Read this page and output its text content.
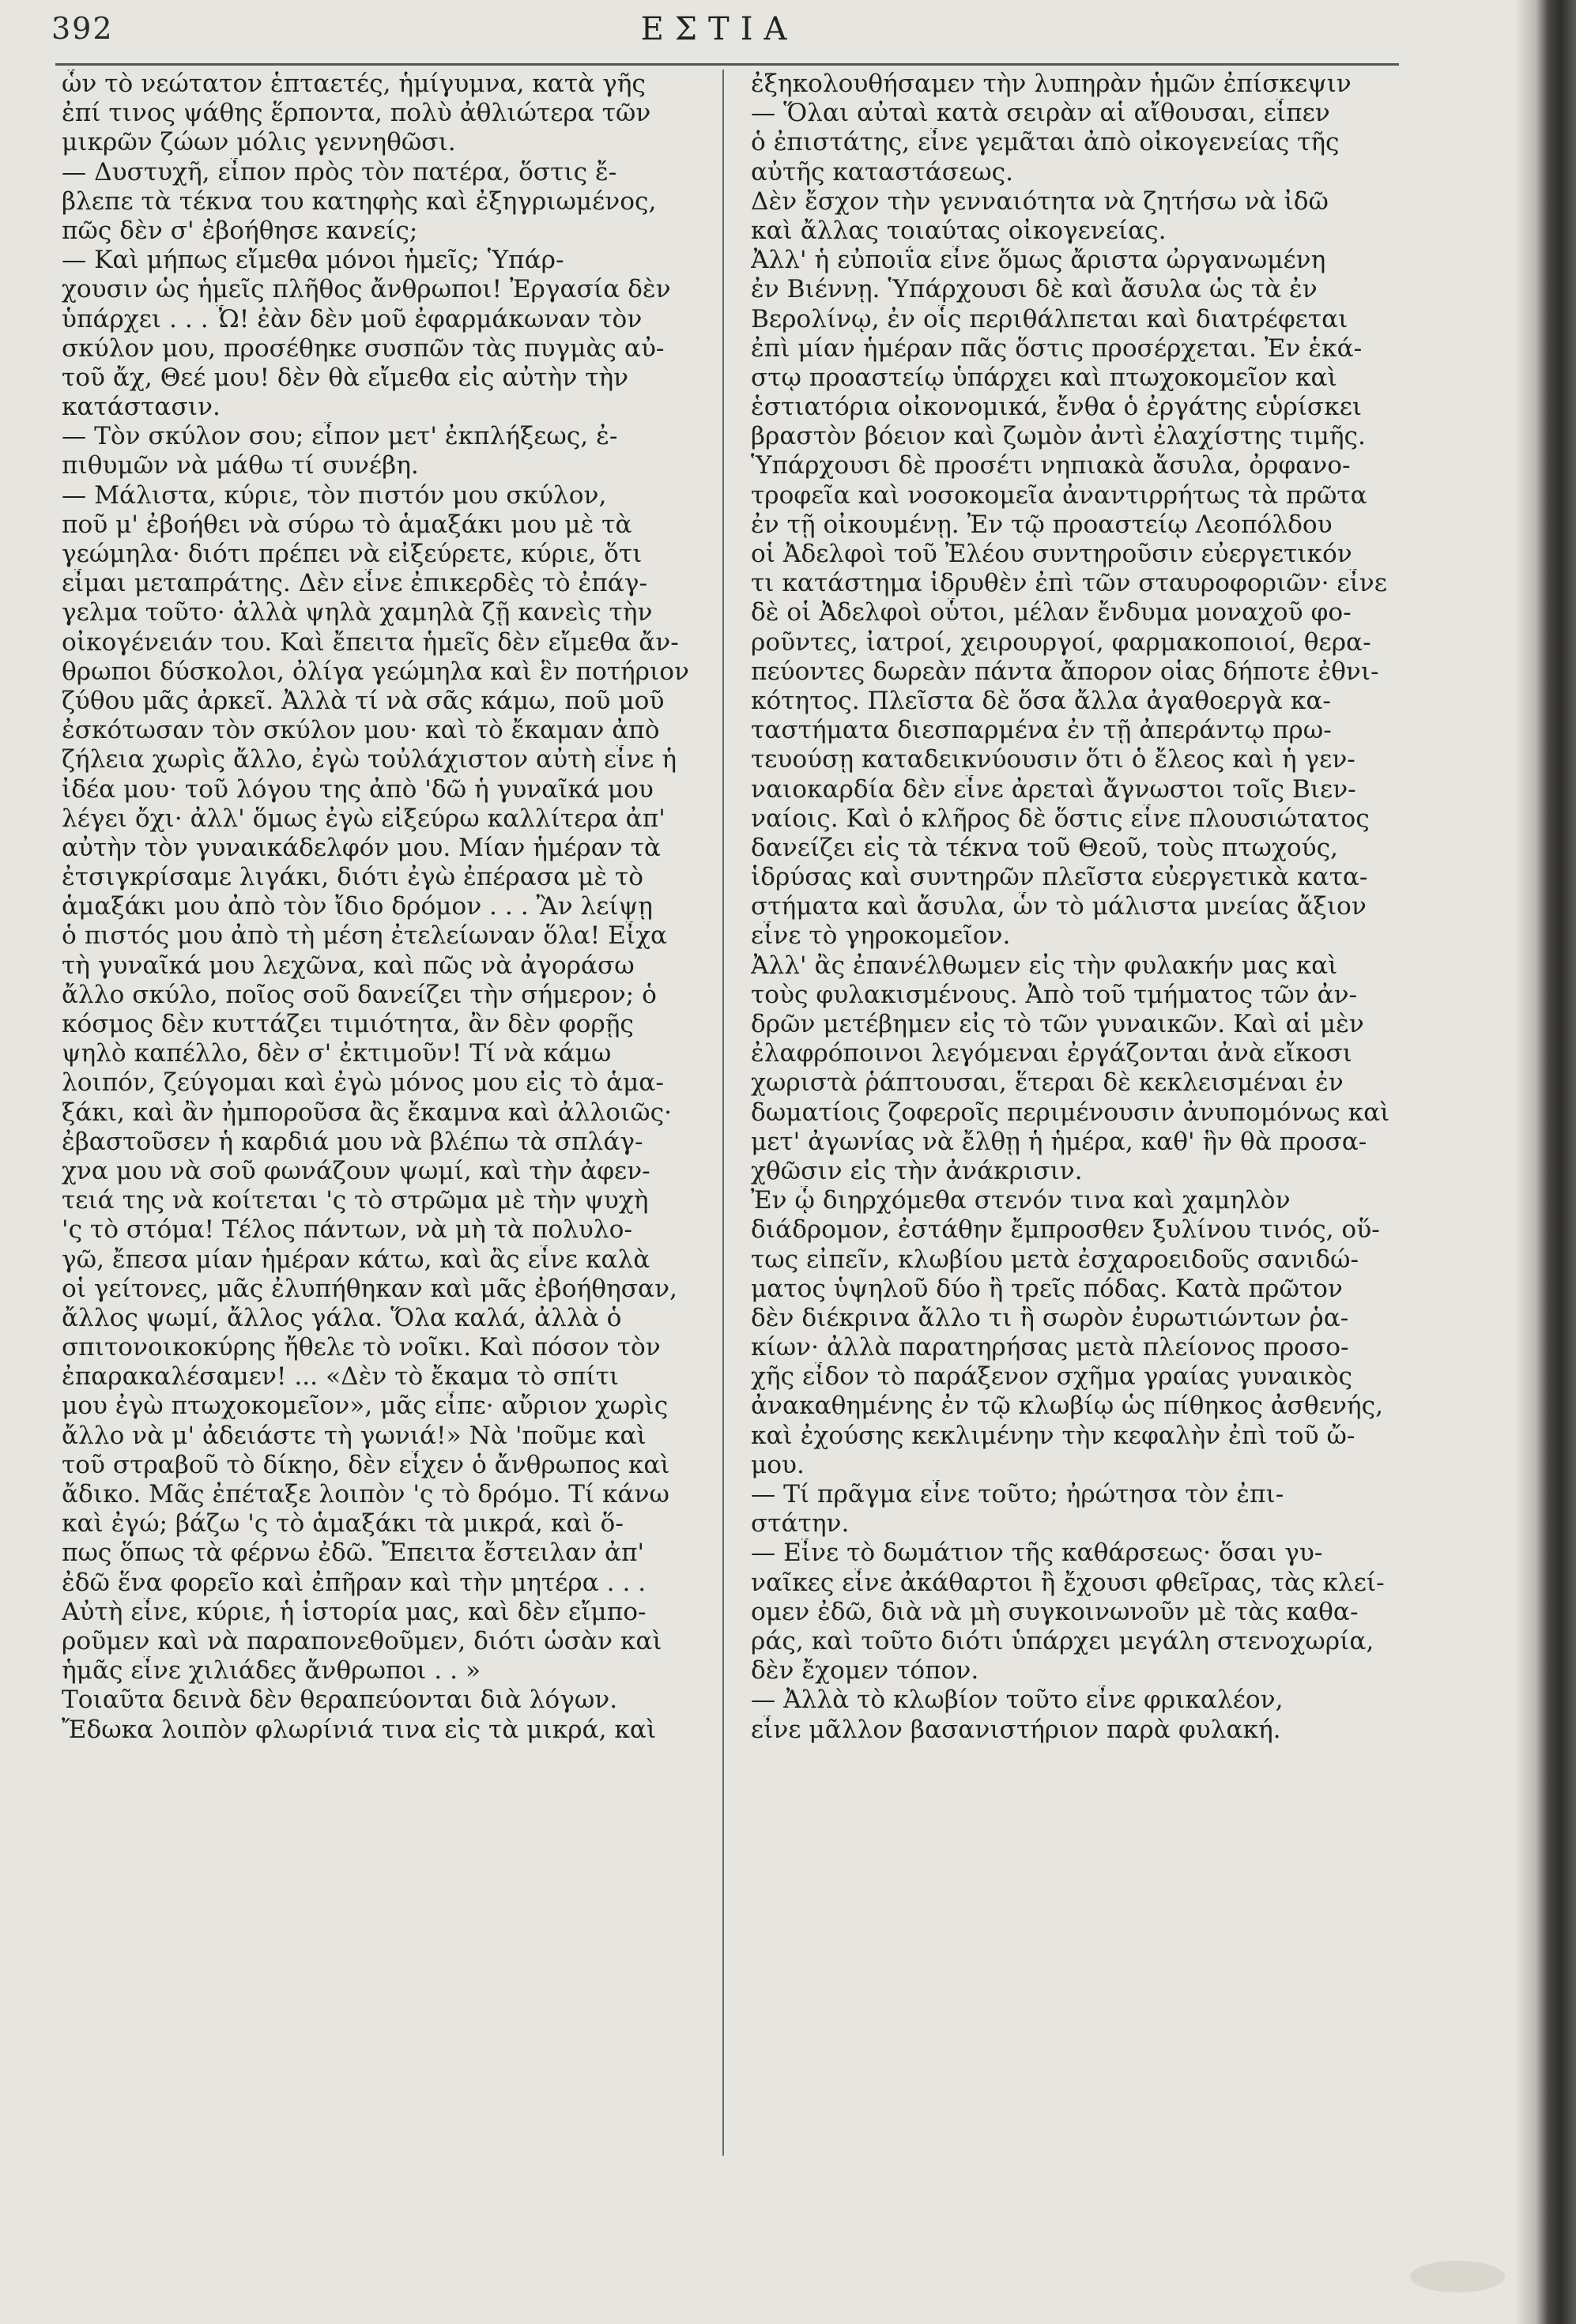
392	ΕΣΤΙΑ
ὧν τὸ νεώτατον ἑπταετές, ἡμίγυμνα, κατὰ γῆς
ἐπί τινος ψάθης ἕρποντα, πολὺ ἀθλιώτερα τῶν
μικρῶν ζώων μόλις γεννηθῶσι.
— Δυστυχῆ, εἶπον πρὸς τὸν πατέρα, ὅστις ἔ-
βλεπε τὰ τέκνα του κατηφὴς καὶ ἐξηγριωμένος,
πῶς δὲν σ' ἐβοήθησε κανείς;
— Καὶ μήπως εἴμεθα μόνοι ἡμεῖς; Ὑπάρ-
χουσιν ὡς ἡμεῖς πλῆθος ἄνθρωποι! Ἐργασία δὲν
ὑπάρχει . . . Ὦ! ἐὰν δὲν μοῦ ἐφαρμάκωναν τὸν
σκύλον μου, προσέθηκε συσπῶν τὰς πυγμὰς αὐ-
τοῦ ἄχ, Θεέ μου! δὲν θὰ εἴμεθα εἰς αὐτὴν τὴν
κατάστασιν.
— Τὸν σκύλον σου; εἶπον μετ' ἐκπλήξεως, ἐ-
πιθυμῶν νὰ μάθω τί συνέβη.
— Μάλιστα, κύριε, τὸν πιστόν μου σκύλον,
ποῦ μ' ἐβοήθει νὰ σύρω τὸ ἁμαξάκι μου μὲ τὰ
γεώμηλα· διότι πρέπει νὰ εἰξεύρετε, κύριε, ὅτι
εἶμαι μεταπράτης. Δὲν εἶνε ἐπικερδὲς τὸ ἐπάγ-
γελμα τοῦτο· ἀλλὰ ψηλὰ χαμηλὰ ζῇ κανεὶς τὴν
οἰκογένειάν του. Καὶ ἔπειτα ἡμεῖς δὲν εἴμεθα ἄν-
θρωποι δύσκολοι, ὀλίγα γεώμηλα καὶ ἓν ποτήριον
ζύθου μᾶς ἀρκεῖ. Ἀλλὰ τί νὰ σᾶς κάμω, ποῦ μοῦ
ἐσκότωσαν τὸν σκύλον μου· καὶ τὸ ἔκαμαν ἀπὸ
ζήλεια χωρὶς ἄλλο, ἐγὼ τοὐλάχιστον αὐτὴ εἶνε ἡ
ἰδέα μου· τοῦ λόγου της ἀπὸ 'δῶ ἡ γυναῖκά μου
λέγει ὄχι· ἀλλ' ὅμως ἐγὼ εἰξεύρω καλλίτερα ἀπ'
αὐτὴν τὸν γυναικάδελφόν μου. Μίαν ἡμέραν τὰ
ἐτσιγκρίσαμε λιγάκι, διότι ἐγὼ ἐπέρασα μὲ τὸ
ἁμαξάκι μου ἀπὸ τὸν ἴδιο δρόμον . . . Ἂν λείψῃ
ὁ πιστός μου ἀπὸ τὴ μέση ἐτελείωναν ὅλα! Εἶχα
τὴ γυναῖκά μου λεχῶνα, καὶ πῶς νὰ ἀγοράσω
ἄλλο σκύλο, ποῖος σοῦ δανείζει τὴν σήμερον; ὁ
κόσμος δὲν κυττάζει τιμιότητα, ἂν δὲν φορῇς
ψηλὸ καπέλλο, δὲν σ' ἐκτιμοῦν! Τί νὰ κάμω
λοιπόν, ζεύγομαι καὶ ἐγὼ μόνος μου εἰς τὸ ἁμα-
ξάκι, καὶ ἂν ἠμποροῦσα ἂς ἔκαμνα καὶ ἀλλοιῶς·
ἐβαστοῦσεν ἡ καρδιά μου νὰ βλέπω τὰ σπλάγ-
χνα μου νὰ σοῦ φωνάζουν ψωμί, καὶ τὴν ἀφεν-
τειά της νὰ κοίτεται 'ς τὸ στρῶμα μὲ τὴν ψυχὴ
'ς τὸ στόμα! Τέλος πάντων, νὰ μὴ τὰ πολυλο-
γῶ, ἔπεσα μίαν ἡμέραν κάτω, καὶ ἂς εἶνε καλὰ
οἱ γείτονες, μᾶς ἐλυπήθηκαν καὶ μᾶς ἐβοήθησαν,
ἄλλος ψωμί, ἄλλος γάλα. Ὅλα καλά, ἀλλὰ ὁ
σπιτονοικοκύρης ἤθελε τὸ νοῖκι. Καὶ πόσον τὸν
ἐπαρακαλέσαμεν! ... «Δὲν τὸ ἔκαμα τὸ σπίτι
μου ἐγὼ πτωχοκομεῖον», μᾶς εἶπε· αὔριον χωρὶς
ἄλλο νὰ μ' ἀδειάστε τὴ γωνιά!» Νὰ 'ποῦμε καὶ
τοῦ στραβοῦ τὸ δίκηο, δὲν εἶχεν ὁ ἄνθρωπος καὶ
ἄδικο. Μᾶς ἐπέταξε λοιπὸν 'ς τὸ δρόμο. Τί κάνω
καὶ ἐγώ; βάζω 'ς τὸ ἁμαξάκι τὰ μικρά, καὶ ὅ-
πως ὅπως τὰ φέρνω ἐδῶ. Ἔπειτα ἔστειλαν ἀπ'
ἐδῶ ἕνα φορεῖο καὶ ἐπῆραν καὶ τὴν μητέρα . . .
Αὐτὴ εἶνε, κύριε, ἡ ἱστορία μας, καὶ δὲν εἴμπο-
ροῦμεν καὶ νὰ παραπονεθοῦμεν, διότι ὡσὰν καὶ
ἡμᾶς εἶνε χιλιάδες ἄνθρωποι . . »
Τοιαῦτα δεινὰ δὲν θεραπεύονται διὰ λόγων.
Ἔδωκα λοιπὸν φλωρίνιά τινα εἰς τὰ μικρά, καὶ
ἐξηκολουθήσαμεν τὴν λυπηρὰν ἡμῶν ἐπίσκεψιν
— Ὅλαι αὐταὶ κατὰ σειρὰν αἱ αἴθουσαι, εἶπεν
ὁ ἐπιστάτης, εἶνε γεμᾶται ἀπὸ οἰκογενείας τῆς
αὐτῆς καταστάσεως.
Δὲν ἔσχον τὴν γενναιότητα νὰ ζητήσω νὰ ἰδῶ
καὶ ἄλλας τοιαύτας οἰκογενείας.
Ἀλλ' ἡ εὐποιΐα εἶνε ὅμως ἄριστα ὠργανωμένη
ἐν Βιέννῃ. Ὑπάρχουσι δὲ καὶ ἄσυλα ὡς τὰ ἐν
Βερολίνῳ, ἐν οἷς περιθάλπεται καὶ διατρέφεται
ἐπὶ μίαν ἡμέραν πᾶς ὅστις προσέρχεται. Ἐν ἑκά-
στῳ προαστείῳ ὑπάρχει καὶ πτωχοκομεῖον καὶ
ἑστιατόρια οἰκονομικά, ἔνθα ὁ ἐργάτης εὑρίσκει
βραστὸν βόειον καὶ ζωμὸν ἀντὶ ἐλαχίστης τιμῆς.
Ὑπάρχουσι δὲ προσέτι νηπιακὰ ἄσυλα, ὀρφανο-
τροφεῖα καὶ νοσοκομεῖα ἀναντιρρήτως τὰ πρῶτα
ἐν τῇ οἰκουμένῃ. Ἐν τῷ προαστείῳ Λεοπόλδου
οἱ Ἀδελφοὶ τοῦ Ἐλέου συντηροῦσιν εὐεργετικόν
τι κατάστημα ἱδρυθὲν ἐπὶ τῶν σταυροφοριῶν· εἶνε
δὲ οἱ Ἀδελφοὶ οὗτοι, μέλαν ἔνδυμα μοναχοῦ φο-
ροῦντες, ἰατροί, χειρουργοί, φαρμακοποιοί, θερα-
πεύοντες δωρεὰν πάντα ἄπορον οἱας δήποτε ἐθνι-
κότητος. Πλεῖστα δὲ ὅσα ἄλλα ἀγαθοεργὰ κα-
ταστήματα διεσπαρμένα ἐν τῇ ἀπεράντῳ πρω-
τευούσῃ καταδεικνύουσιν ὅτι ὁ ἔλεος καὶ ἡ γεν-
ναιοκαρδία δὲν εἶνε ἀρεταὶ ἄγνωστοι τοῖς Βιεν-
ναίοις. Καὶ ὁ κλῆρος δὲ ὅστις εἶνε πλουσιώτατος
δανείζει εἰς τὰ τέκνα τοῦ Θεοῦ, τοὺς πτωχούς,
ἱδρύσας καὶ συντηρῶν πλεῖστα εὐεργετικὰ κατα-
στήματα καὶ ἄσυλα, ὧν τὸ μάλιστα μνείας ἄξιον
εἶνε τὸ γηροκομεῖον.
Ἀλλ' ἂς ἐπανέλθωμεν εἰς τὴν φυλακήν μας καὶ
τοὺς φυλακισμένους. Ἀπὸ τοῦ τμήματος τῶν ἀν-
δρῶν μετέβημεν εἰς τὸ τῶν γυναικῶν. Καὶ αἱ μὲν
ἐλαφρόποινοι λεγόμεναι ἐργάζονται ἀνὰ εἴκοσι
χωριστὰ ῥάπτουσαι, ἕτεραι δὲ κεκλεισμέναι ἐν
δωματίοις ζοφεροῖς περιμένουσιν ἀνυπομόνως καὶ
μετ' ἀγωνίας νὰ ἔλθῃ ἡ ἡμέρα, καθ' ἣν θὰ προσα-
χθῶσιν εἰς τὴν ἀνάκρισιν.
Ἐν ᾧ διηρχόμεθα στενόν τινα καὶ χαμηλὸν
διάδρομον, ἐστάθην ἔμπροσθεν ξυλίνου τινός, οὕ-
τως εἰπεῖν, κλωβίου μετὰ ἐσχαροειδοῦς σανιδώ-
ματος ὑψηλοῦ δύο ἢ τρεῖς πόδας. Κατὰ πρῶτον
δὲν διέκρινα ἄλλο τι ἢ σωρὸν ἐυρωτιώντων ῥα-
κίων· ἀλλὰ παρατηρήσας μετὰ πλείονος προσο-
χῆς εἶδον τὸ παράξενον σχῆμα γραίας γυναικὸς
ἀνακαθημένης ἐν τῷ κλωβίῳ ὡς πίθηκος ἀσθενής,
καὶ ἐχούσης κεκλιμένην τὴν κεφαλὴν ἐπὶ τοῦ ὤ-
μου.
— Τί πρᾶγμα εἶνε τοῦτο; ἠρώτησα τὸν ἐπι-
στάτην.
— Εἶνε τὸ δωμάτιον τῆς καθάρσεως· ὅσαι γυ-
ναῖκες εἶνε ἀκάθαρτοι ἢ ἔχουσι φθεῖρας, τὰς κλεί-
ομεν ἐδῶ, διὰ νὰ μὴ συγκοινωνοῦν μὲ τὰς καθα-
ράς, καὶ τοῦτο διότι ὑπάρχει μεγάλη στενοχωρία,
δὲν ἔχομεν τόπον.
— Ἀλλὰ τὸ κλωβίον τοῦτο εἶνε φρικαλέον,
εἶνε μᾶλλον βασανιστήριον παρὰ φυλακή.
